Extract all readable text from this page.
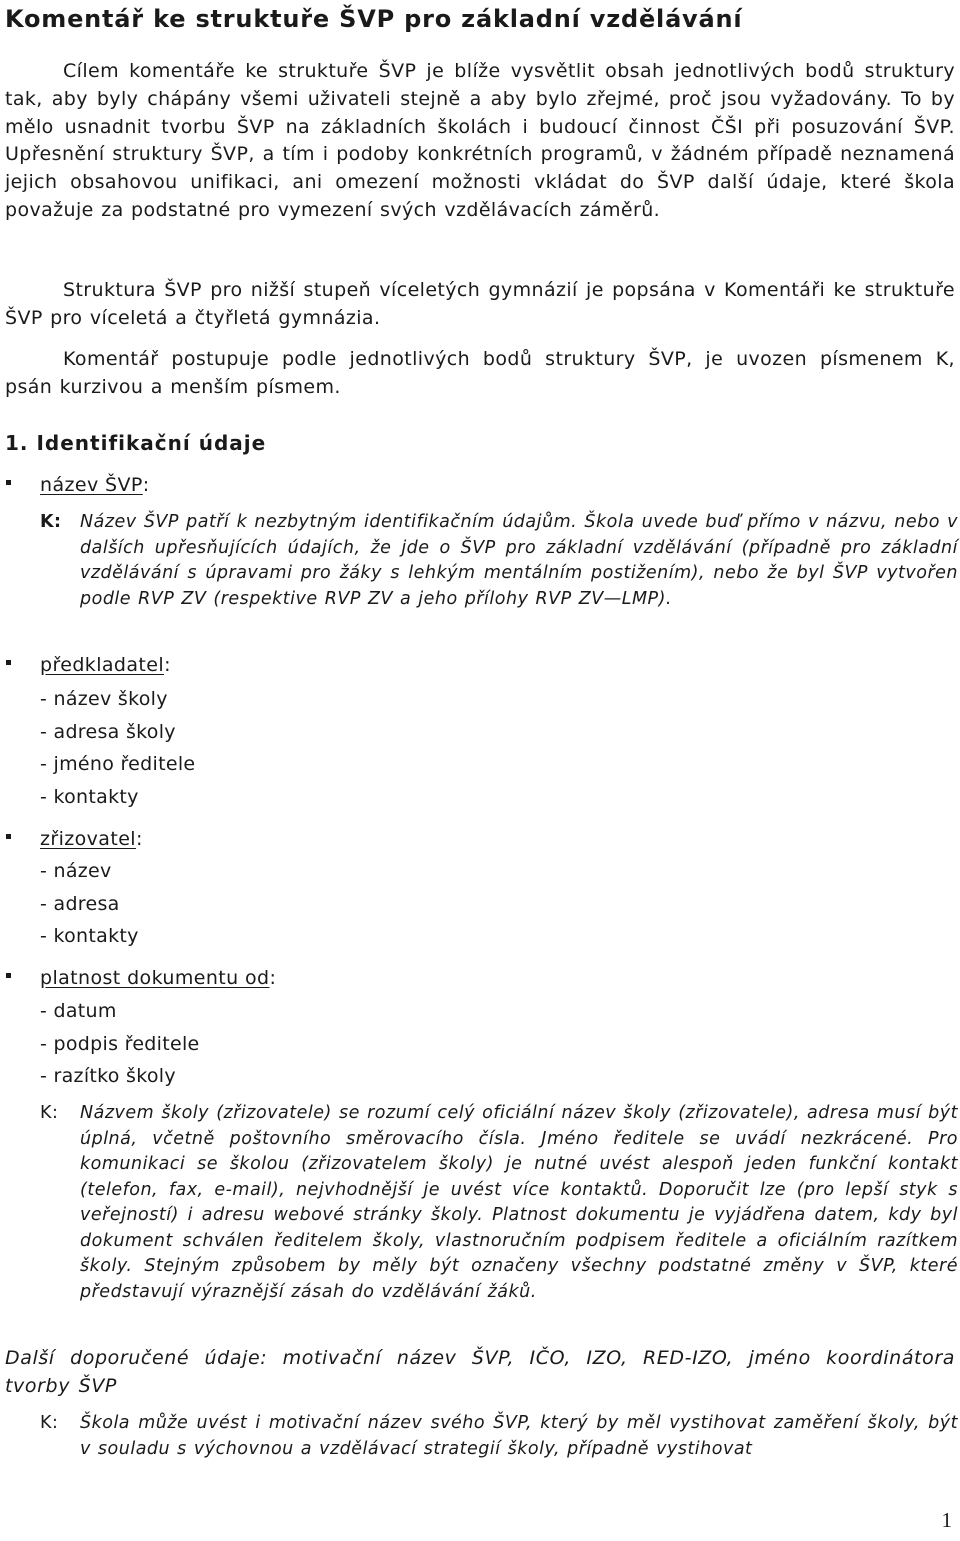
Komentář ke struktuře ŠVP pro základní vzdělávání

Cílem komentáře ke struktuře ŠVP je blíže vysvětlit obsah jednotlivých bodů struktury tak, aby byly chápány všemi uživateli stejně a aby bylo zřejmé, proč jsou vyžadovány. To by mělo usnadnit tvorbu ŠVP na základních školách i budoucí činnost ČŠI při posuzování ŠVP. Upřesnění struktury ŠVP, a tím i podoby konkrétních programů, v žádném případě neznamená jejich obsahovou unifikaci, ani omezení možnosti vkládat do ŠVP další údaje, které škola považuje za podstatné pro vymezení svých vzdělávacích záměrů.

Struktura ŠVP pro nižší stupeň víceletých gymnázií je popsána v Komentáři ke struktuře ŠVP pro víceletá a čtyřletá gymnázia.

Komentář postupuje podle jednotlivých bodů struktury ŠVP, je uvozen písmenem K, psán kurzivou a menším písmem.

1. Identifikační údaje
název ŠVP:
K:	Název ŠVP patří k nezbytným identifikačním údajům. Škola uvede buď přímo v názvu, nebo v dalších upřesňujících údajích, že jde o ŠVP pro základní vzdělávání (případně pro základní vzdělávání s úpravami pro žáky s lehkým mentálním postižením), nebo že byl ŠVP vytvořen podle RVP ZV (respektive RVP ZV a jeho přílohy RVP ZV—LMP).
předkladatel:
- název školy
- adresa školy
- jméno ředitele
- kontakty
zřizovatel:
- název
- adresa
- kontakty
platnost dokumentu od:
- datum
- podpis ředitele
- razítko školy
K:	Názvem školy (zřizovatele) se rozumí celý oficiální název školy (zřizovatele), adresa musí být úplná, včetně poštovního směrovacího čísla. Jméno ředitele se uvádí nezkrácené. Pro komunikaci se školou (zřizovatelem školy) je nutné uvést alespoň jeden funkční kontakt (telefon, fax, e-mail), nejvhodnější je uvést více kontaktů. Doporučit lze (pro lepší styk s veřejností) i adresu webové stránky školy. Platnost dokumentu je vyjádřena datem, kdy byl dokument schválen ředitelem školy, vlastnoručním podpisem ředitele a oficiálním razítkem školy. Stejným způsobem by měly být označeny všechny podstatné změny v ŠVP, které představují výraznější zásah do vzdělávání žáků.

Další doporučené údaje: motivační název ŠVP, IČO, IZO, RED-IZO, jméno koordinátora tvorby ŠVP

K:	Škola může uvést i motivační název svého ŠVP, který by měl vystihovat zaměření školy, být v souladu s výchovnou a vzdělávací strategií školy, případně vystihovat
1
